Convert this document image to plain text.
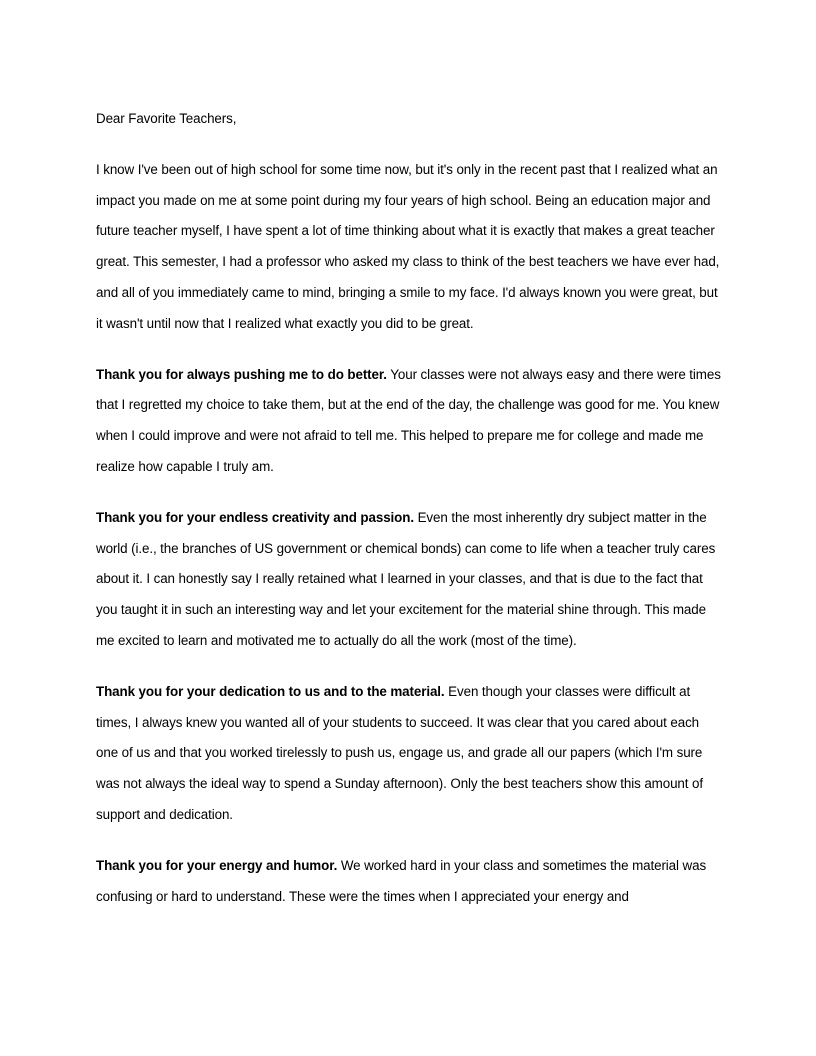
Dear Favorite Teachers,

I know I've been out of high school for some time now, but it's only in the recent past that I realized what an impact you made on me at some point during my four years of high school. Being an education major and future teacher myself, I have spent a lot of time thinking about what it is exactly that makes a great teacher great. This semester, I had a professor who asked my class to think of the best teachers we have ever had, and all of you immediately came to mind, bringing a smile to my face. I'd always known you were great, but it wasn't until now that I realized what exactly you did to be great.

Thank you for always pushing me to do better. Your classes were not always easy and there were times that I regretted my choice to take them, but at the end of the day, the challenge was good for me. You knew when I could improve and were not afraid to tell me. This helped to prepare me for college and made me realize how capable I truly am.

Thank you for your endless creativity and passion. Even the most inherently dry subject matter in the world (i.e., the branches of US government or chemical bonds) can come to life when a teacher truly cares about it. I can honestly say I really retained what I learned in your classes, and that is due to the fact that you taught it in such an interesting way and let your excitement for the material shine through. This made me excited to learn and motivated me to actually do all the work (most of the time).

Thank you for your dedication to us and to the material. Even though your classes were difficult at times, I always knew you wanted all of your students to succeed. It was clear that you cared about each one of us and that you worked tirelessly to push us, engage us, and grade all our papers (which I'm sure was not always the ideal way to spend a Sunday afternoon). Only the best teachers show this amount of support and dedication.

Thank you for your energy and humor. We worked hard in your class and sometimes the material was confusing or hard to understand. These were the times when I appreciated your energy and
